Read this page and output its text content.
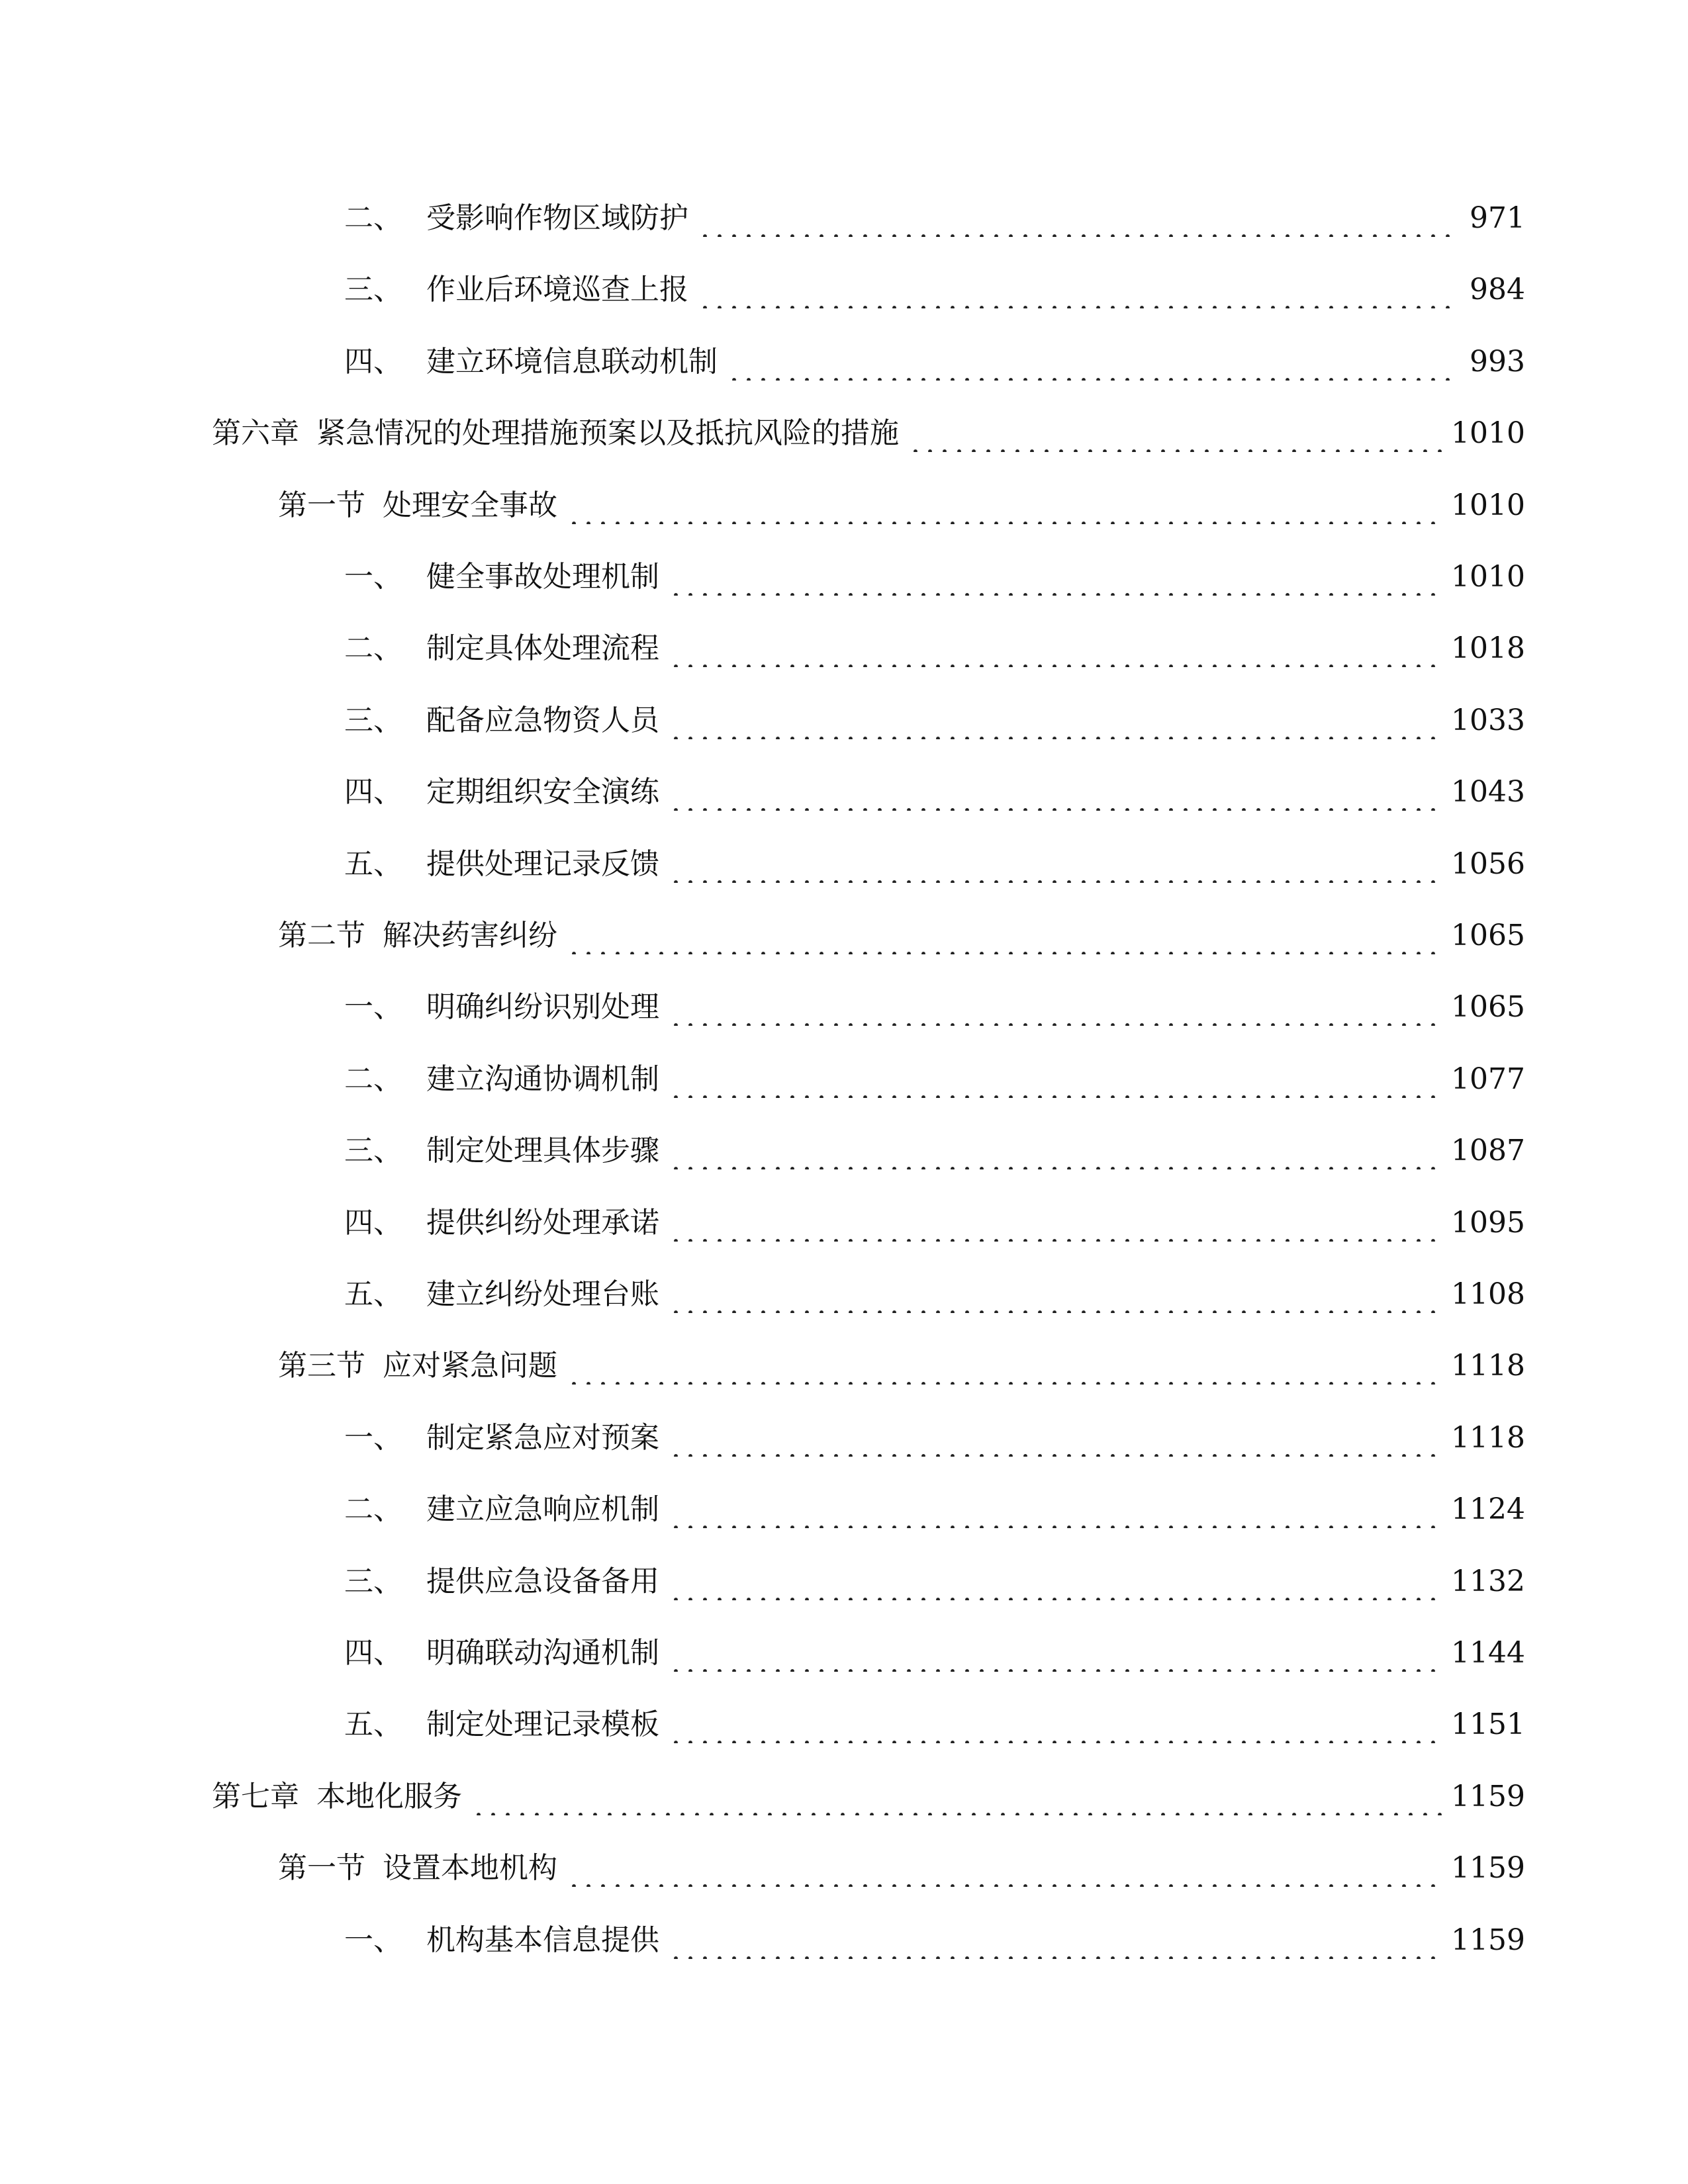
二、 受影响作物区域防护	971
三、 作业后环境巡查上报	984
四、 建立环境信息联动机制	993
第六章 紧急情况的处理措施预案以及抵抗风险的措施	1010
第一节 处理安全事故	1010
一、 健全事故处理机制	1010
二、 制定具体处理流程	1018
三、 配备应急物资人员	1033
四、 定期组织安全演练	1043
五、 提供处理记录反馈	1056
第二节 解决药害纠纷	1065
一、 明确纠纷识别处理	1065
二、 建立沟通协调机制	1077
三、 制定处理具体步骤	1087
四、 提供纠纷处理承诺	1095
五、 建立纠纷处理台账	1108
第三节 应对紧急问题	1118
一、 制定紧急应对预案	1118
二、 建立应急响应机制	1124
三、 提供应急设备备用	1132
四、 明确联动沟通机制	1144
五、 制定处理记录模板	1151
第七章 本地化服务	1159
第一节 设置本地机构	1159
一、 机构基本信息提供	1159
